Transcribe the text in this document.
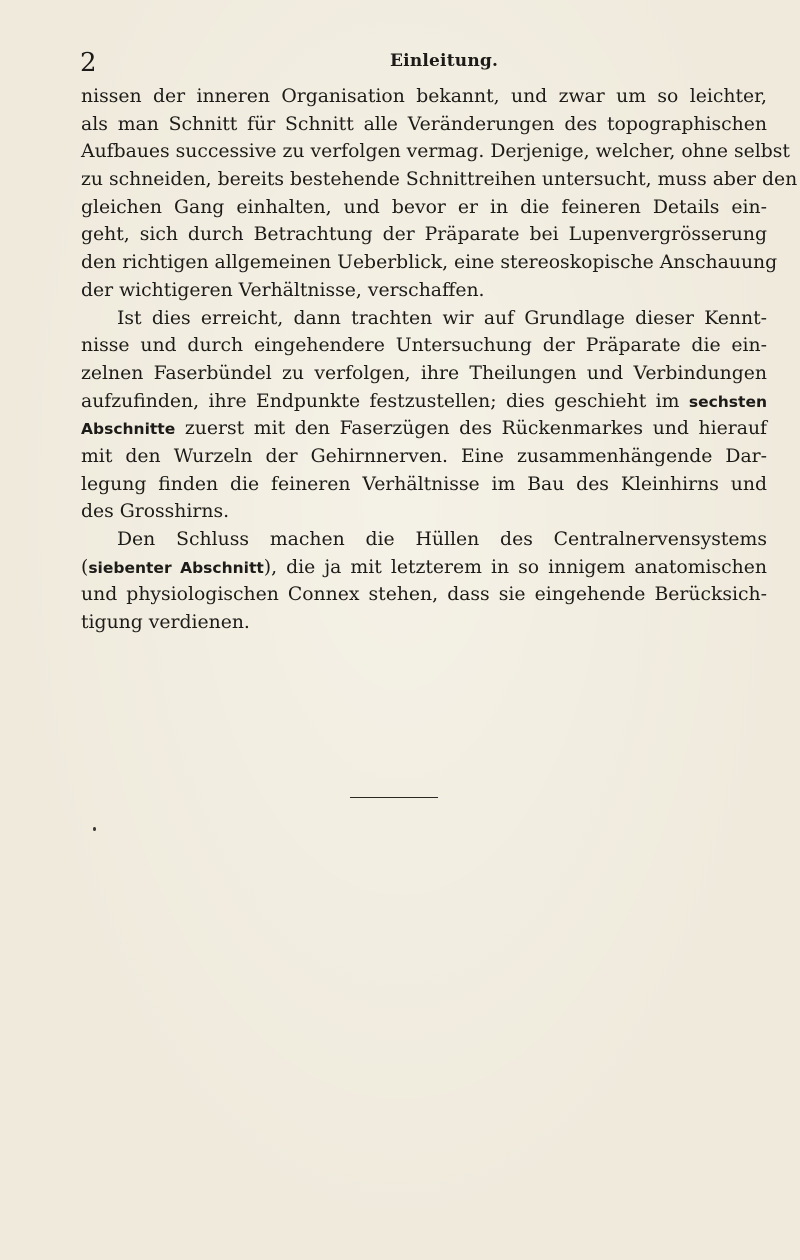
2	Einleitung.
nissen der inneren Organisation bekannt, und zwar um so leichter,
als man Schnitt für Schnitt alle Veränderungen des topographischen
Aufbaues successive zu verfolgen vermag. Derjenige, welcher, ohne selbst
zu schneiden, bereits bestehende Schnittreihen untersucht, muss aber den
gleichen Gang einhalten, und bevor er in die feineren Details ein-
geht, sich durch Betrachtung der Präparate bei Lupenvergrösserung
den richtigen allgemeinen Ueberblick, eine stereoskopische Anschauung
der wichtigeren Verhältnisse, verschaffen.
Ist dies erreicht, dann trachten wir auf Grundlage dieser Kennt-
nisse und durch eingehendere Untersuchung der Präparate die ein-
zelnen Faserbündel zu verfolgen, ihre Theilungen und Verbindungen
aufzufinden, ihre Endpunkte festzustellen; dies geschieht im sechsten
Abschnitte zuerst mit den Faserzügen des Rückenmarkes und hierauf
mit den Wurzeln der Gehirnnerven. Eine zusammenhängende Dar-
legung finden die feineren Verhältnisse im Bau des Kleinhirns und
des Grosshirns.
Den Schluss machen die Hüllen des Centralnervensystems
(siebenter Abschnitt), die ja mit letzterem in so innigem anatomischen
und physiologischen Connex stehen, dass sie eingehende Berücksich-
tigung verdienen.
